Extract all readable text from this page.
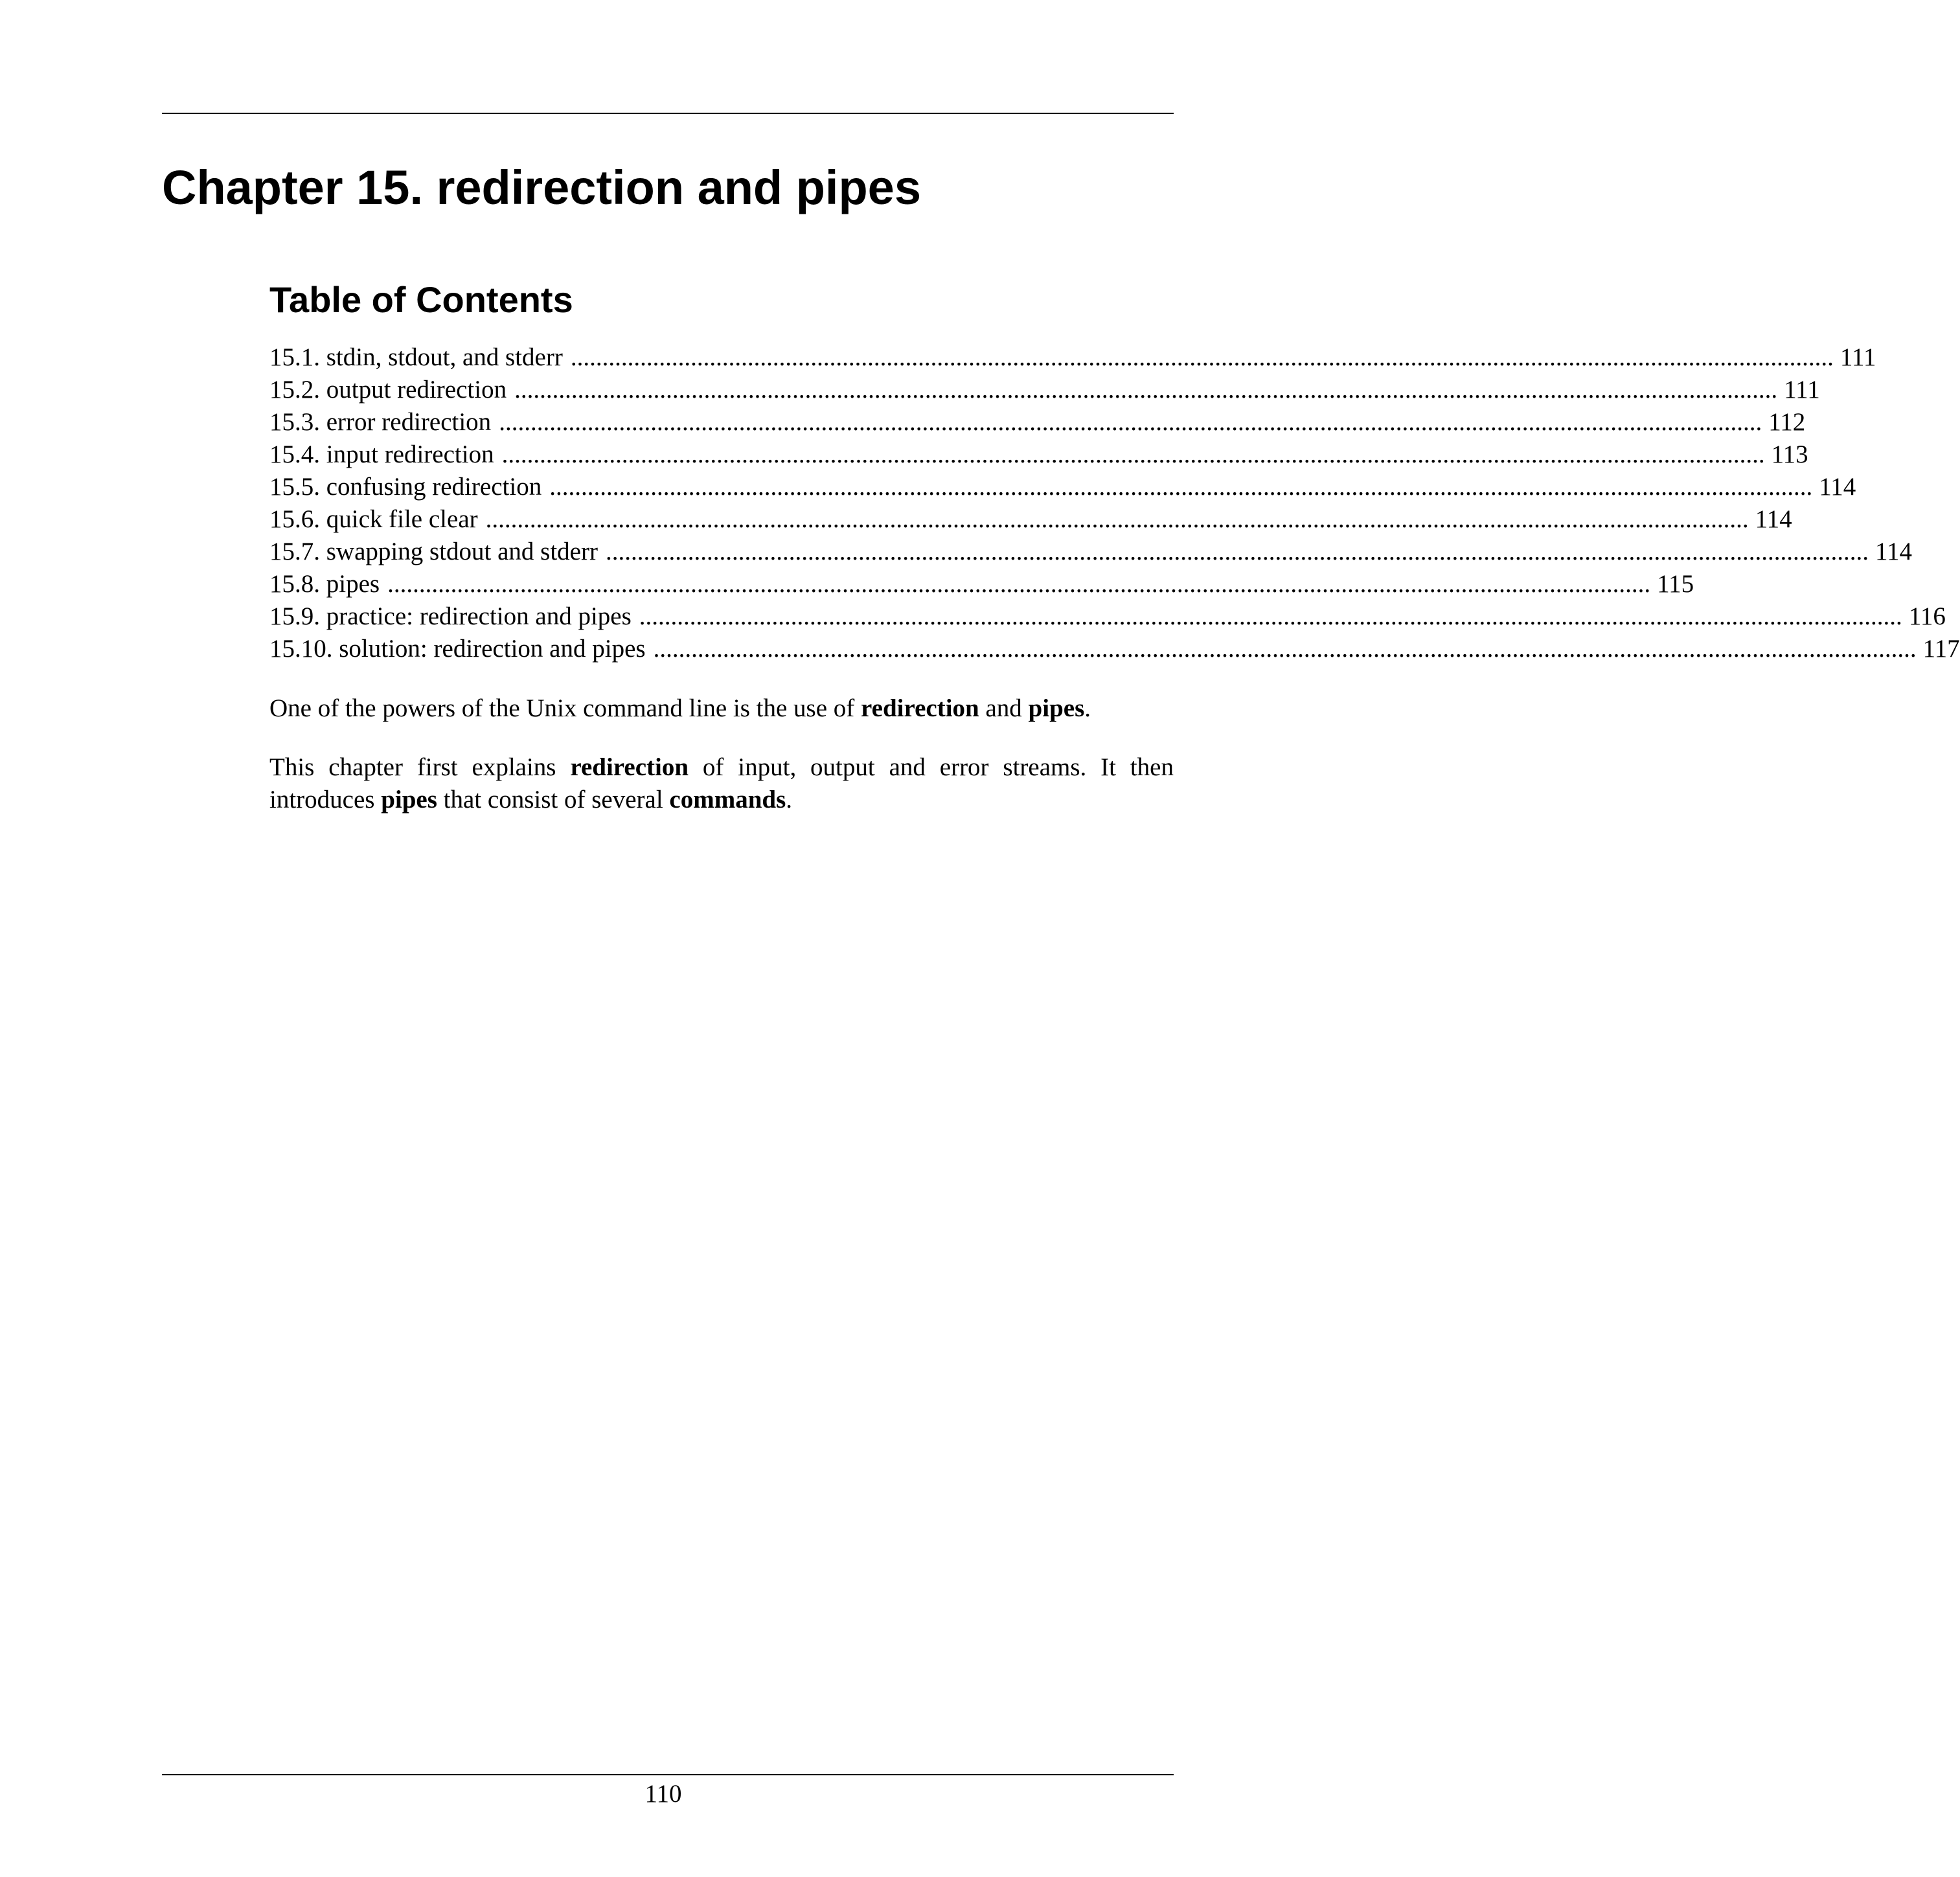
Chapter 15. redirection and pipes
Table of Contents
15.1. stdin, stdout, and stderr ........................................................................................................................................................................................................ 111
15.2. output redirection ........................................................................................................................................................................................................ 111
15.3. error redirection ........................................................................................................................................................................................................ 112
15.4. input redirection ........................................................................................................................................................................................................ 113
15.5. confusing redirection ........................................................................................................................................................................................................ 114
15.6. quick file clear ........................................................................................................................................................................................................ 114
15.7. swapping stdout and stderr ........................................................................................................................................................................................................ 114
15.8. pipes ........................................................................................................................................................................................................ 115
15.9. practice: redirection and pipes ........................................................................................................................................................................................................ 116
15.10. solution: redirection and pipes ........................................................................................................................................................................................................ 117

One of the powers of the Unix command line is the use of redirection and pipes.

This chapter first explains redirection of input, output and error streams. It then introduces pipes that consist of several commands.

110
